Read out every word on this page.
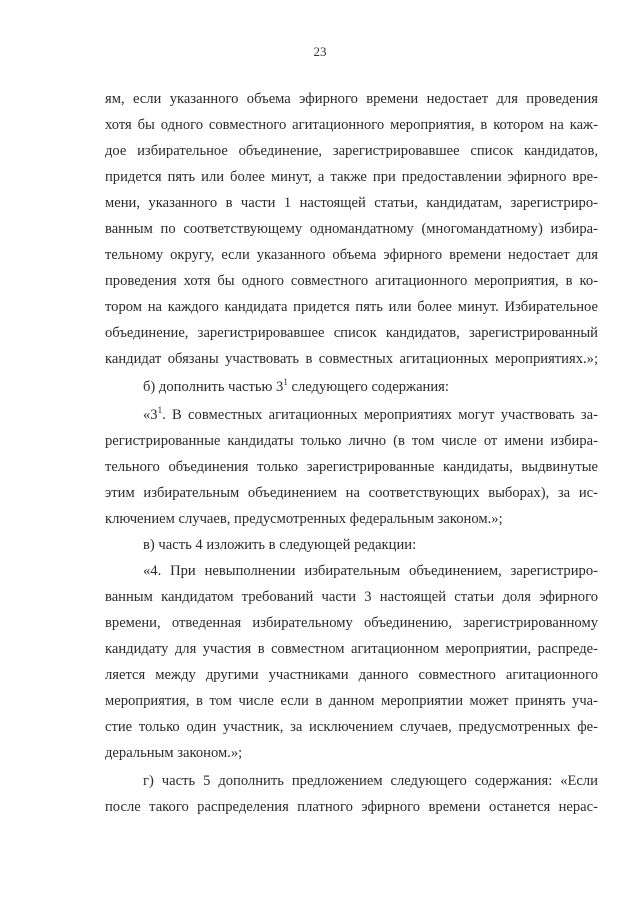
23
ям, если указанного объема эфирного времени недостает для проведения
хотя бы одного совместного агитационного мероприятия, в котором на каж-
дое избирательное объединение, зарегистрировавшее список кандидатов,
придется пять или более минут, а также при предоставлении эфирного вре-
мени, указанного в части 1 настоящей статьи, кандидатам, зарегистриро-
ванным по соответствующему одномандатному (многомандатному) избира-
тельному округу, если указанного объема эфирного времени недостает для
проведения хотя бы одного совместного агитационного мероприятия, в ко-
тором на каждого кандидата придется пять или более минут. Избирательное
объединение, зарегистрировавшее список кандидатов, зарегистрированный
кандидат обязаны участвовать в совместных агитационных мероприятиях.»;
б) дополнить частью $3^1$ следующего содержания:
«$3^1$. В совместных агитационных мероприятиях могут участвовать за-
регистрированные кандидаты только лично (в том числе от имени избира-
тельного объединения только зарегистрированные кандидаты, выдвинутые
этим избирательным объединением на соответствующих выборах), за ис-
ключением случаев, предусмотренных федеральным законом.»;
в) часть 4 изложить в следующей редакции:
«4. При невыполнении избирательным объединением, зарегистриро-
ванным кандидатом требований части 3 настоящей статьи доля эфирного
времени, отведенная избирательному объединению, зарегистрированному
кандидату для участия в совместном агитационном мероприятии, распреде-
ляется между другими участниками данного совместного агитационного
мероприятия, в том числе если в данном мероприятии может принять уча-
стие только один участник, за исключением случаев, предусмотренных фе-
деральным законом.»;
г) часть 5 дополнить предложением следующего содержания: «Если
после такого распределения платного эфирного времени останется нерас-
